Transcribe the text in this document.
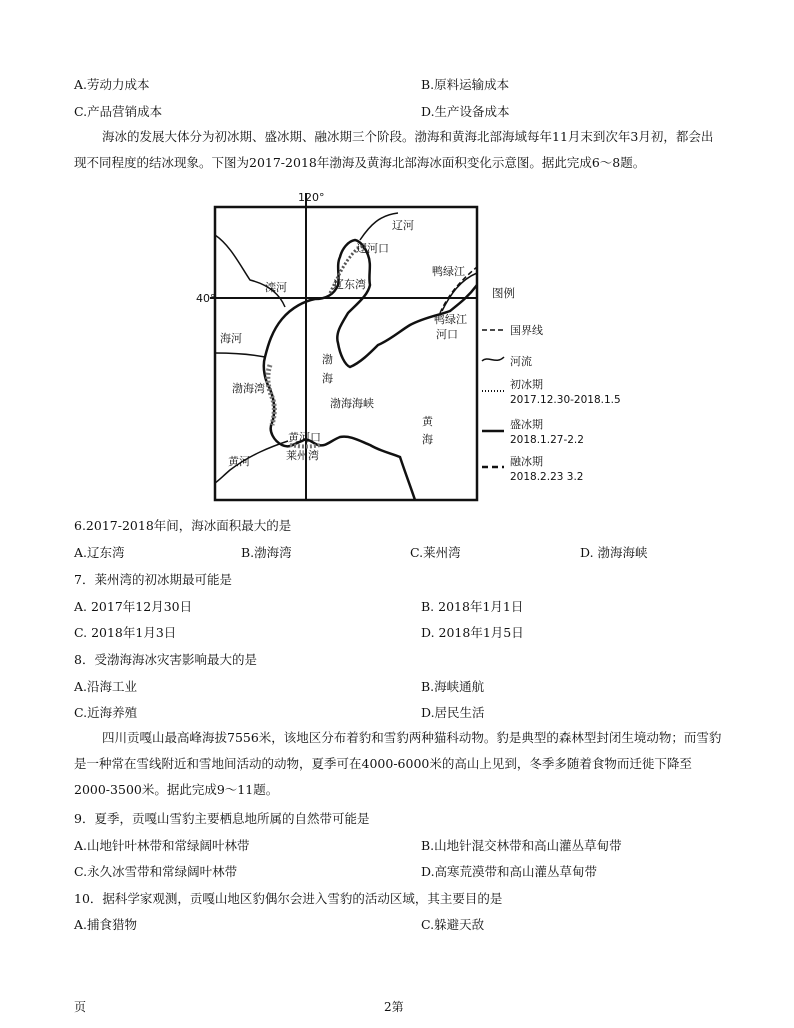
A.劳动力成本	B.原料运输成本
C.产品营销成本	D.生产设备成本
海冰的发展大体分为初冰期、盛冰期、融冰期三个阶段。渤海和黄海北部海域每年11月末到次年3月初，都会出现不同程度的结冰现象。下图为2017-2018年渤海及黄海北部海冰面积变化示意图。据此完成6～8题。
120°
40°
辽河
辽河口
鸭绿江
滦河	辽东湾
鸭绿江
河口
海河
渤
海
渤海湾
渤海海峡
黄
海
黄河口
莱州湾
黄河
图例
国界线
河流
初冰期
2017.12.30-2018.1.5
盛冰期
2018.1.27-2.2
融冰期
2018.2.23 3.2
6.2017-2018年间，海冰面积最大的是
A.辽东湾	B.渤海湾	C.莱州湾	D. 渤海海峡
7．莱州湾的初冰期最可能是
A. 2017年12月30日	B. 2018年1月1日
C. 2018年1月3日	D. 2018年1月5日
8．受渤海海冰灾害影响最大的是
A.沿海工业	B.海峡通航
C.近海养殖	D.居民生活
四川贡嘎山最高峰海拔7556米，该地区分布着豹和雪豹两种猫科动物。豹是典型的森林型封闭生境动物；而雪豹是一种常在雪线附近和雪地间活动的动物，夏季可在4000-6000米的高山上见到，冬季多随着食物而迁徙下降至2000-3500米。据此完成9～11题。
9．夏季，贡嘎山雪豹主要栖息地所属的自然带可能是
A.山地针叶林带和常绿阔叶林带	B.山地针混交林带和高山灌丛草甸带
C.永久冰雪带和常绿阔叶林带	D.高寒荒漠带和高山灌丛草甸带
10．据科学家观测，贡嘎山地区豹偶尔会进入雪豹的活动区域，其主要目的是
A.捕食猎物	C.躲避天敌
页	2第
